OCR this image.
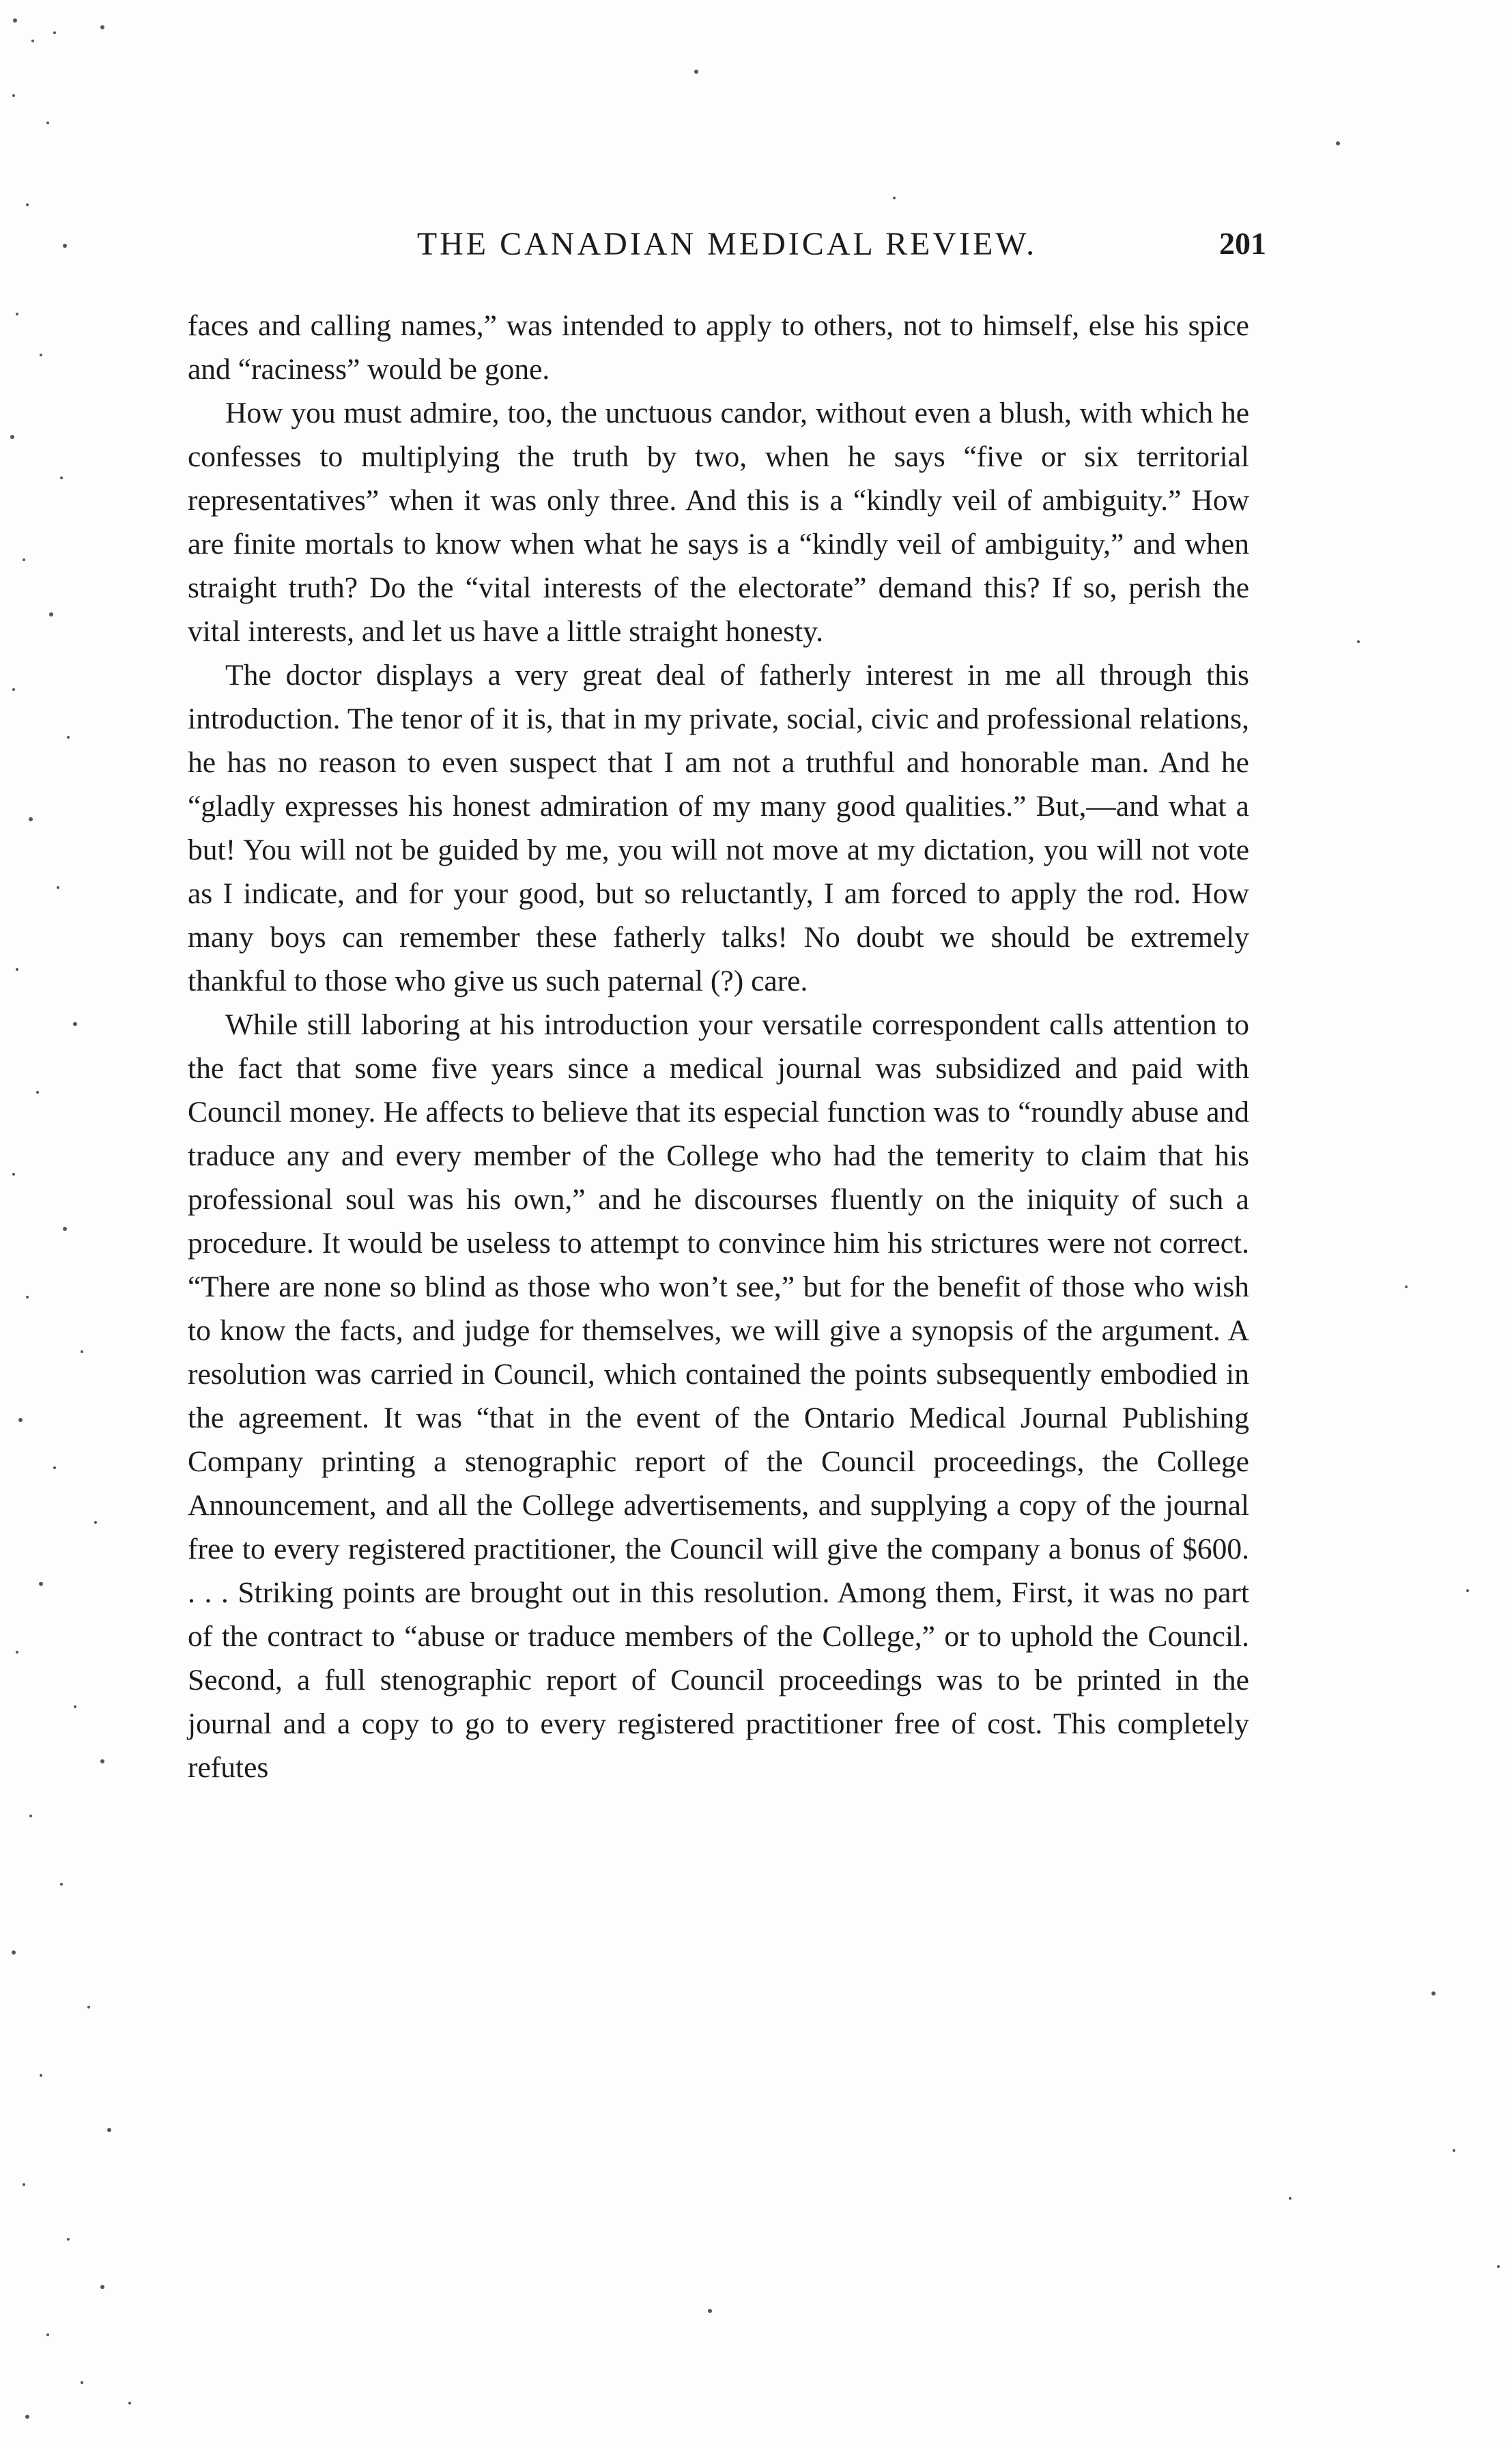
THE CANADIAN MEDICAL REVIEW.	201

faces and calling names,” was intended to apply to others, not to himself, else his spice and “raciness” would be gone.

How you must admire, too, the unctuous candor, without even a blush, with which he confesses to multiplying the truth by two, when he says “five or six territorial representatives” when it was only three. And this is a “kindly veil of ambiguity.” How are finite mortals to know when what he says is a “kindly veil of ambiguity,” and when straight truth? Do the “vital interests of the electorate” demand this? If so, perish the vital interests, and let us have a little straight honesty.

The doctor displays a very great deal of fatherly interest in me all through this introduction. The tenor of it is, that in my private, social, civic and professional relations, he has no reason to even suspect that I am not a truthful and honorable man. And he “gladly expresses his honest admiration of my many good qualities.” But,—and what a but! You will not be guided by me, you will not move at my dictation, you will not vote as I indicate, and for your good, but so reluctantly, I am forced to apply the rod. How many boys can remember these fatherly talks! No doubt we should be extremely thankful to those who give us such paternal (?) care.

While still laboring at his introduction your versatile correspondent calls attention to the fact that some five years since a medical journal was subsidized and paid with Council money. He affects to believe that its especial function was to “roundly abuse and traduce any and every member of the College who had the temerity to claim that his professional soul was his own,” and he discourses fluently on the iniquity of such a procedure. It would be useless to attempt to convince him his strictures were not correct. “There are none so blind as those who won’t see,” but for the benefit of those who wish to know the facts, and judge for themselves, we will give a synopsis of the argument. A resolution was carried in Council, which contained the points subsequently embodied in the agreement. It was “that in the event of the Ontario Medical Journal Publishing Company printing a stenographic report of the Council proceedings, the College Announcement, and all the College advertisements, and supplying a copy of the journal free to every registered practitioner, the Council will give the company a bonus of $600. . . . Striking points are brought out in this resolution. Among them, First, it was no part of the contract to “abuse or traduce members of the College,” or to uphold the Council. Second, a full stenographic report of Council proceedings was to be printed in the journal and a copy to go to every registered practitioner free of cost. This completely refutes
